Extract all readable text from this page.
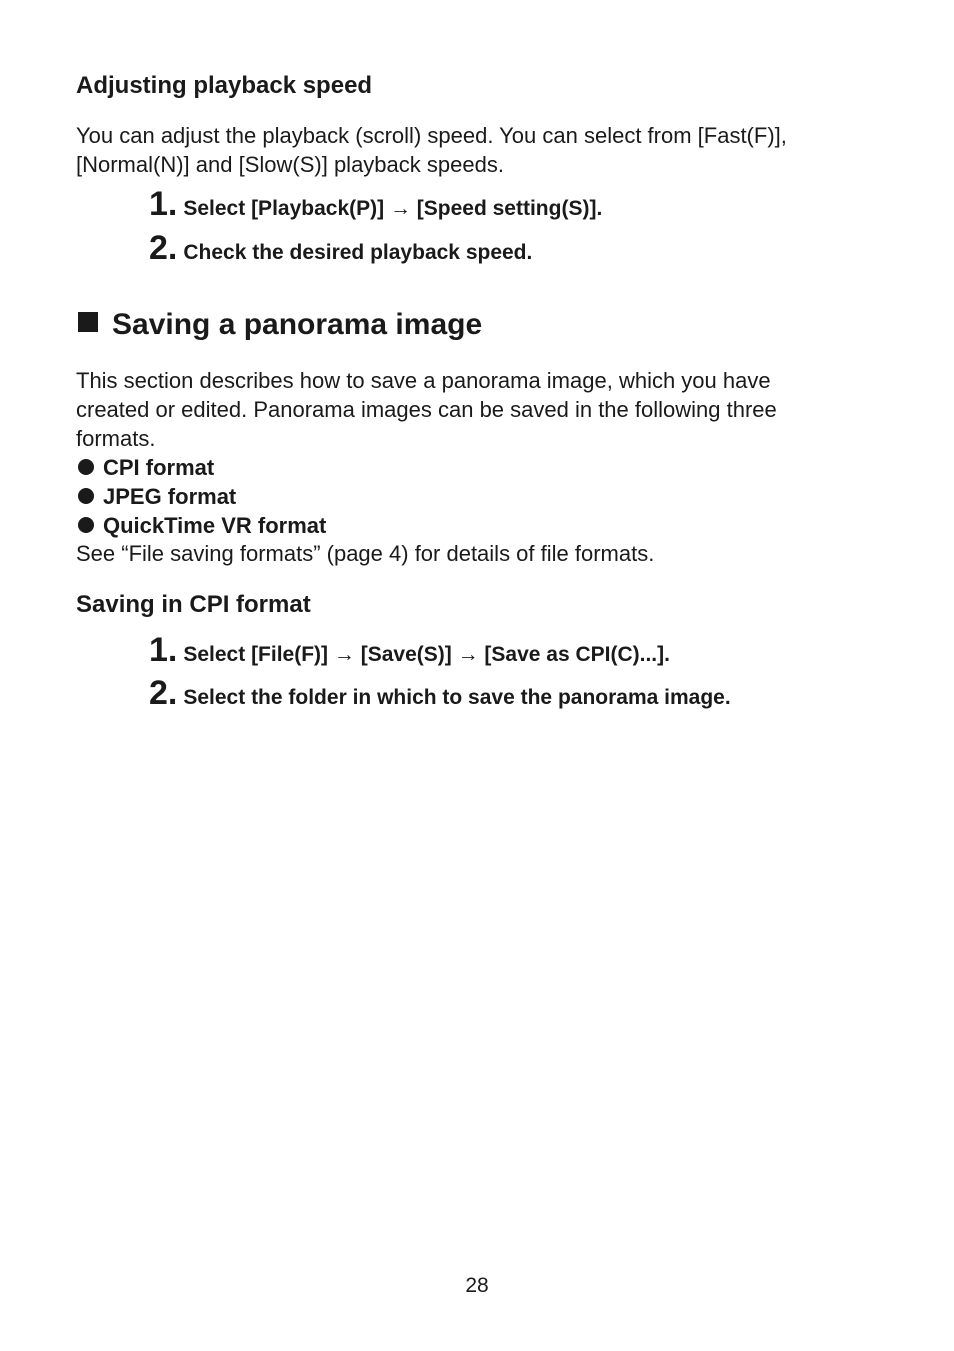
Adjusting playback speed
You can adjust the playback (scroll) speed. You can select from [Fast(F)],
[Normal(N)] and [Slow(S)] playback speeds.
1. Select [Playback(P)] → [Speed setting(S)].
2. Check the desired playback speed.
Saving a panorama image
This section describes how to save a panorama image, which you have
created or edited. Panorama images can be saved in the following three
formats.
CPI format
JPEG format
QuickTime VR format
See “File saving formats” (page 4) for details of file formats.
Saving in CPI format
1. Select [File(F)] → [Save(S)] → [Save as CPI(C)...].
2. Select the folder in which to save the panorama image.
28
